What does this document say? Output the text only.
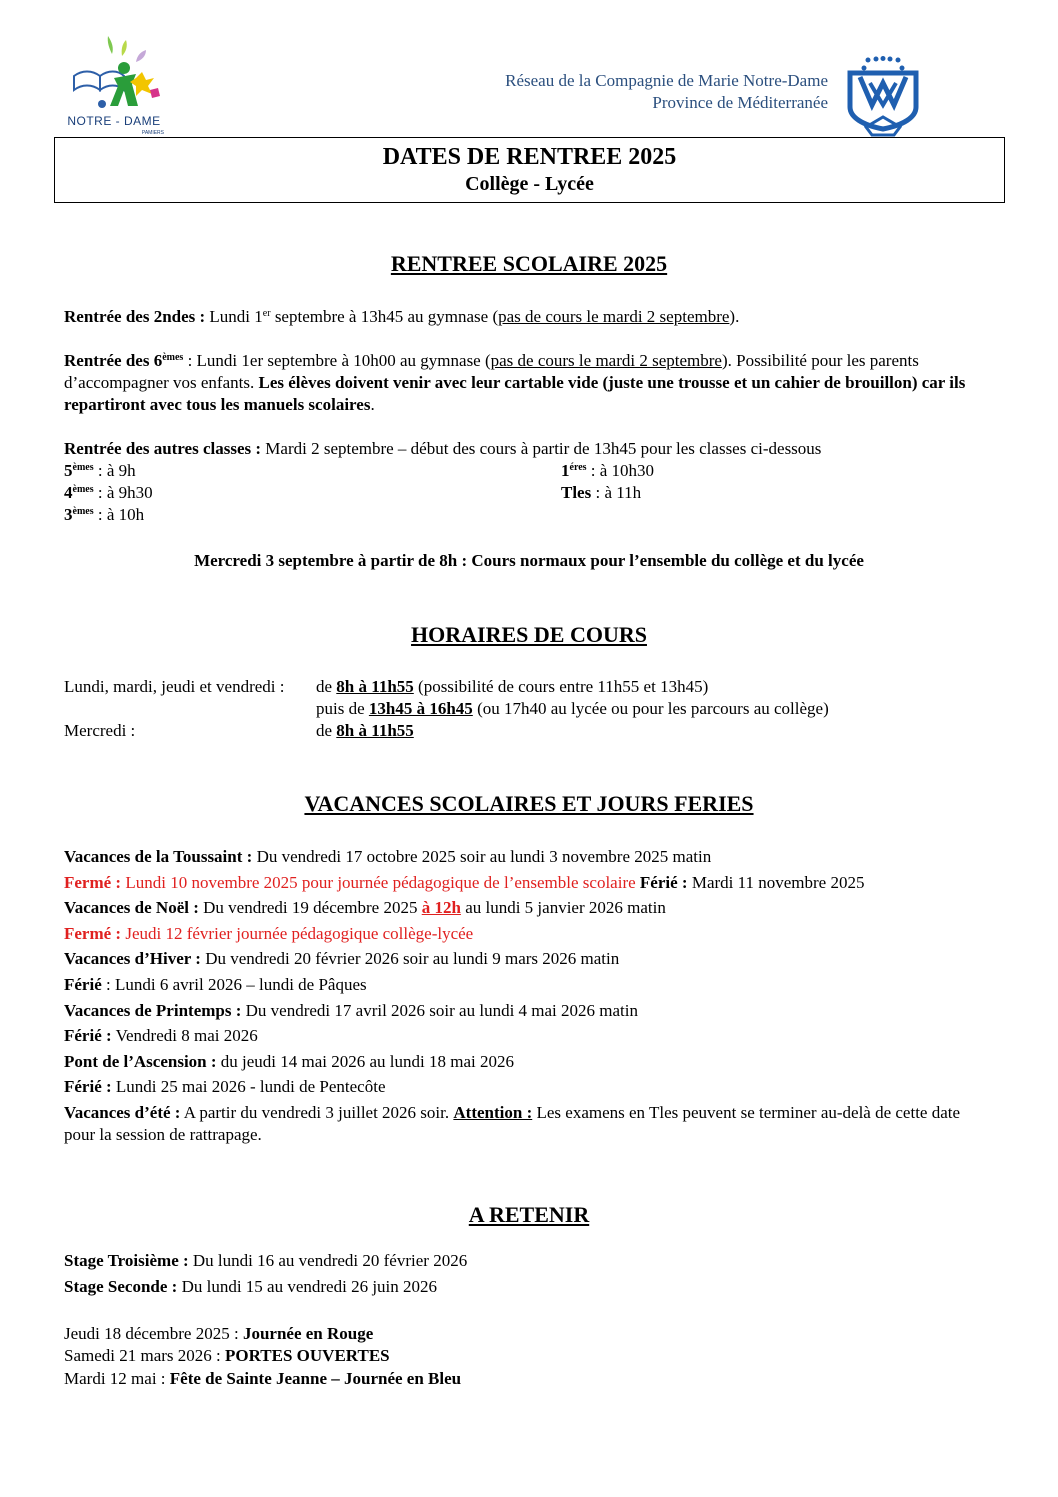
NOTRE - DAME
PAMIERS
Réseau de la Compagnie de Marie Notre-Dame
Province de Méditerranée
DATES DE RENTREE 2025
Collège - Lycée
RENTREE SCOLAIRE 2025
Rentrée des 2ndes : Lundi 1er septembre à 13h45 au gymnase (pas de cours le mardi 2 septembre).
Rentrée des 6èmes : Lundi 1er septembre à 10h00 au gymnase (pas de cours le mardi 2 septembre). Possibilité pour les parents d’accompagner vos enfants. Les élèves doivent venir avec leur cartable vide (juste une trousse et un cahier de brouillon) car ils repartiront avec tous les manuels scolaires.
Rentrée des autres classes : Mardi 2 septembre – début des cours à partir de 13h45 pour les classes ci-dessous
5èmes : à 9h
4èmes : à 9h30
3èmes : à 10h
$1^{éres}$ : à 10h30
Tles : à 11h
Mercredi 3 septembre à partir de 8h : Cours normaux pour l’ensemble du collège et du lycée
HORAIRES DE COURS
Lundi, mardi, jeudi et vendredi : de 8h à 11h55 (possibilité de cours entre 11h55 et 13h45)
puis de 13h45 à 16h45 (ou 17h40 au lycée ou pour les parcours au collège)
Mercredi :	de 8h à 11h55
VACANCES SCOLAIRES ET JOURS FERIES
Vacances de la Toussaint : Du vendredi 17 octobre 2025 soir au lundi 3 novembre 2025 matin
Fermé : Lundi 10 novembre 2025 pour journée pédagogique de l’ensemble scolaire Férié : Mardi 11 novembre 2025
Vacances de Noël : Du vendredi 19 décembre 2025 à 12h au lundi 5 janvier 2026 matin
Fermé : Jeudi 12 février journée pédagogique collège-lycée
Vacances d’Hiver : Du vendredi 20 février 2026 soir au lundi 9 mars 2026 matin
Férié : Lundi 6 avril 2026 – lundi de Pâques
Vacances de Printemps : Du vendredi 17 avril 2026 soir au lundi 4 mai 2026 matin
Férié : Vendredi 8 mai 2026
Pont de l’Ascension : du jeudi 14 mai 2026 au lundi 18 mai 2026
Férié : Lundi 25 mai 2026 - lundi de Pentecôte
Vacances d’été : A partir du vendredi 3 juillet 2026 soir. Attention : Les examens en Tles peuvent se terminer au-delà de cette date pour la session de rattrapage.
A RETENIR
Stage Troisième : Du lundi 16 au vendredi 20 février 2026
Stage Seconde : Du lundi 15 au vendredi 26 juin 2026
Jeudi 18 décembre 2025 : Journée en Rouge
Samedi 21 mars 2026 : PORTES OUVERTES
Mardi 12 mai : Fête de Sainte Jeanne – Journée en Bleu
